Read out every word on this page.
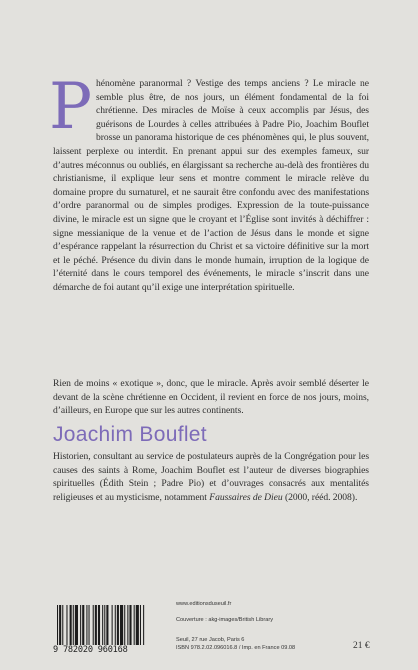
Phénomène paranormal ? Vestige des temps anciens ? Le miracle ne semble plus être, de nos jours, un élément fondamental de la foi chrétienne. Des miracles de Moïse à ceux accomplis par Jésus, des guérisons de Lourdes à celles attribuées à Padre Pio, Joachim Bouflet brosse un panorama historique de ces phénomènes qui, le plus souvent, laissent perplexe ou interdit. En prenant appui sur des exemples fameux, sur d’autres méconnus ou oubliés, en élargissant sa recherche au-delà des frontières du christianisme, il explique leur sens et montre comment le miracle relève du domaine propre du surnaturel, et ne saurait être confondu avec des manifestations d’ordre paranormal ou de simples prodiges. Expression de la toute-puissance divine, le miracle est un signe que le croyant et l’Église sont invités à déchiffrer : signe messianique de la venue et de l’action de Jésus dans le monde et signe d’espérance rappelant la résurrection du Christ et sa victoire définitive sur la mort et le péché. Présence du divin dans le monde humain, irruption de la logique de l’éternité dans le cours temporel des événements, le miracle s’inscrit dans une démarche de foi autant qu’il exige une interprétation spirituelle.
Rien de moins « exotique », donc, que le miracle. Après avoir semblé déserter le devant de la scène chrétienne en Occident, il revient en force de nos jours, moins, d’ailleurs, en Europe que sur les autres continents.
Joachim Bouflet
Historien, consultant au service de postulateurs auprès de la Congrégation pour les causes des saints à Rome, Joachim Bouflet est l’auteur de diverses biographies spirituelles (Édith Stein ; Padre Pio) et d’ouvrages consacrés aux mentalités religieuses et au mysticisme, notamment Faussaires de Dieu (2000, rééd. 2008).
9 782020 960168
www.editionsduseuil.fr
Couverture : akg-images/British Library
Seuil, 27 rue Jacob, Paris 6
ISBN 978.2.02.096016.8 / Imp. en France 09.08	21 €
